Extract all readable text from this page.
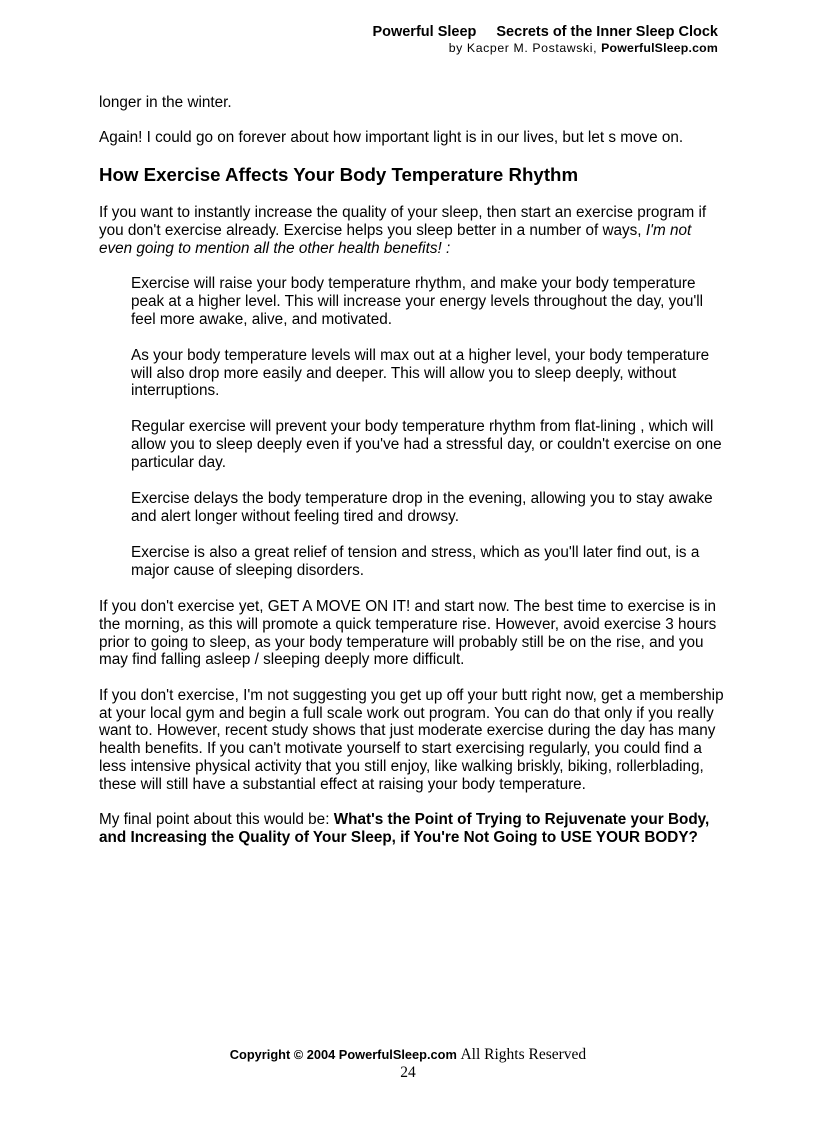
Powerful Sleep Secrets of the Inner Sleep Clock
by Kacper M. Postawski, PowerfulSleep.com

longer in the winter.

Again! I could go on forever about how important light is in our lives, but let s move on.

How Exercise Affects Your Body Temperature Rhythm

If you want to instantly increase the quality of your sleep, then start an exercise program if you don't exercise already. Exercise helps you sleep better in a number of ways, I'm not even going to mention all the other health benefits! :

Exercise will raise your body temperature rhythm, and make your body temperature peak at a higher level. This will increase your energy levels throughout the day, you'll feel more awake, alive, and motivated.

As your body temperature levels will max out at a higher level, your body temperature will also drop more easily and deeper. This will allow you to sleep deeply, without interruptions.

Regular exercise will prevent your body temperature rhythm from flat-lining , which will allow you to sleep deeply even if you've had a stressful day, or couldn't exercise on one particular day.

Exercise delays the body temperature drop in the evening, allowing you to stay awake and alert longer without feeling tired and drowsy.

Exercise is also a great relief of tension and stress, which as you'll later find out, is a major cause of sleeping disorders.

If you don't exercise yet, GET A MOVE ON IT! and start now. The best time to exercise is in the morning, as this will promote a quick temperature rise. However, avoid exercise 3 hours prior to going to sleep, as your body temperature will probably still be on the rise, and you may find falling asleep / sleeping deeply more difficult.

If you don't exercise, I'm not suggesting you get up off your butt right now, get a membership at your local gym and begin a full scale work out program. You can do that only if you really want to. However, recent study shows that just moderate exercise during the day has many health benefits. If you can't motivate yourself to start exercising regularly, you could find a less intensive physical activity that you still enjoy, like walking briskly, biking, rollerblading, these will still have a substantial effect at raising your body temperature.

My final point about this would be: What's the Point of Trying to Rejuvenate your Body, and Increasing the Quality of Your Sleep, if You're Not Going to USE YOUR BODY?

Copyright © 2004 PowerfulSleep.com All Rights Reserved
24
